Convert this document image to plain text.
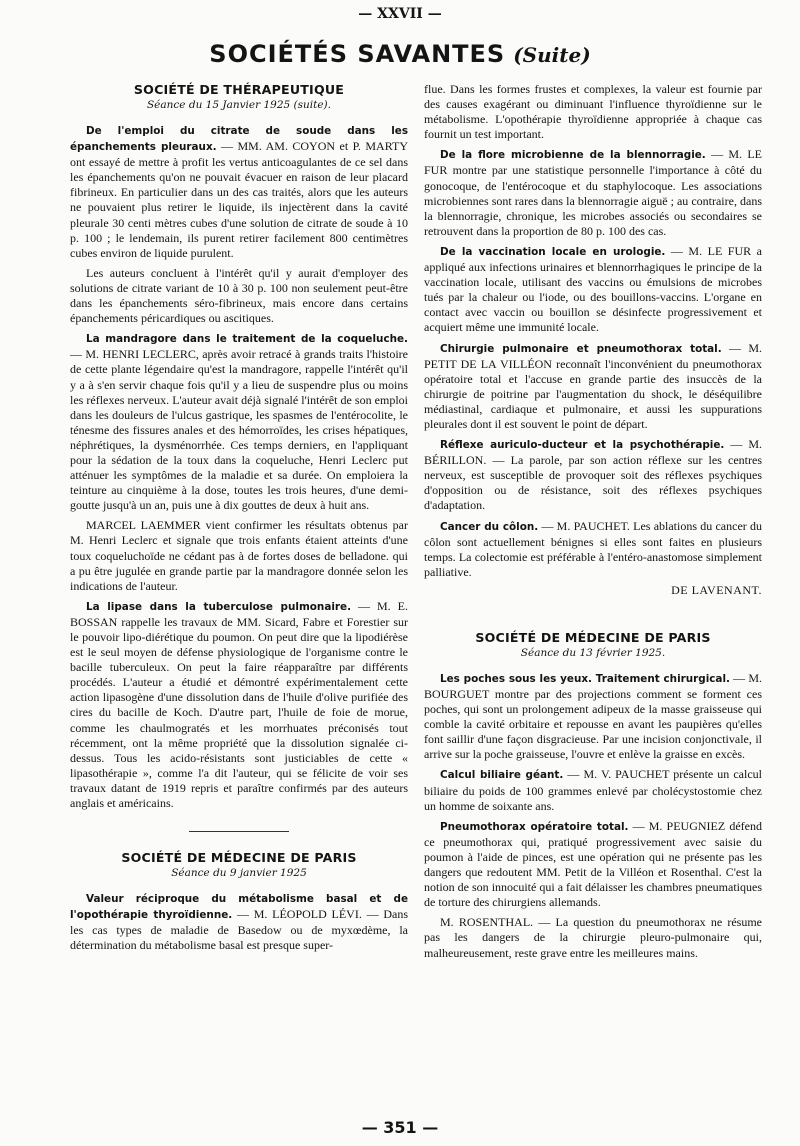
— XXVII —
SOCIÉTÉS SAVANTES (Suite)
SOCIÉTÉ DE THÉRAPEUTIQUE
Séance du 15 Janvier 1925 (suite).

De l'emploi du citrate de soude dans les épanchements pleuraux. — MM. AM. COYON et P. MARTY ont essayé de mettre à profit les vertus anticoagulantes de ce sel dans les épanchements qu'on ne pouvait évacuer en raison de leur placard fibrineux. En particulier dans un des cas traités, alors que les auteurs ne pouvaient plus retirer le liquide, ils injectèrent dans la cavité pleurale 30 centi mètres cubes d'une solution de citrate de soude à 10 p. 100 ; le lendemain, ils purent retirer facilement 800 centimètres cubes environ de liquide purulent.

Les auteurs concluent à l'intérêt qu'il y aurait d'employer des solutions de citrate variant de 10 à 30 p. 100 non seulement peut-être dans les épanchements séro-fibrineux, mais encore dans certains épanchements péricardiques ou ascitiques.

La mandragore dans le traitement de la coqueluche. — M. HENRI LECLERC, après avoir retracé à grands traits l'histoire de cette plante légendaire qu'est la mandragore, rappelle l'intérêt qu'il y a à s'en servir chaque fois qu'il y a lieu de suspendre plus ou moins les réflexes nerveux. L'auteur avait déjà signalé l'intérêt de son emploi dans les douleurs de l'ulcus gastrique, les spasmes de l'entérocolite, le ténesme des fissures anales et des hémorroïdes, les crises hépatiques, néphrétiques, la dysménorrhée. Ces temps derniers, en l'appliquant pour la sédation de la toux dans la coqueluche, Henri Leclerc put atténuer les symptômes de la maladie et sa durée. On emploiera la teinture au cinquième à la dose, toutes les trois heures, d'une demi-goutte jusqu'à un an, puis une à dix gouttes de deux à huit ans.

MARCEL LAEMMER vient confirmer les résultats obtenus par M. Henri Leclerc et signale que trois enfants étaient atteints d'une toux coqueluchoïde ne cédant pas à de fortes doses de belladone. qui a pu être jugulée en grande partie par la mandragore donnée selon les indications de l'auteur.

La lipase dans la tuberculose pulmonaire. — M. E. BOSSAN rappelle les travaux de MM. Sicard, Fabre et Forestier sur le pouvoir lipo-diérétique du poumon. On peut dire que la lipodiérèse est le seul moyen de défense physiologique de l'organisme contre le bacille tuberculeux. On peut la faire réapparaître par différents procédés. L'auteur a étudié et démontré expérimentalement cette action lipasogène d'une dissolution dans de l'huile d'olive purifiée des cires du bacille de Koch. D'autre part, l'huile de foie de morue, comme les chaulmogratés et les morrhuates préconisés tout récemment, ont la même propriété que la dissolution signalée ci-dessus. Tous les acido-résistants sont justiciables de cette « lipasothérapie », comme l'a dit l'auteur, qui se félicite de voir ses travaux datant de 1919 repris et paraître confirmés par des auteurs anglais et américains.

SOCIÉTÉ DE MÉDECINE DE PARIS
Séance du 9 janvier 1925

Valeur réciproque du métabolisme basal et de l'opothérapie thyroïdienne. — M. LÉOPOLD LÉVI. — Dans les cas types de maladie de Basedow ou de myxœdème, la détermination du métabolisme basal est presque super-

flue. Dans les formes frustes et complexes, la valeur est fournie par des causes exagérant ou diminuant l'influence thyroïdienne sur le métabolisme. L'opothérapie thyroïdienne appropriée à chaque cas fournit un test important.

De la flore microbienne de la blennorragie. — M. LE FUR montre par une statistique personnelle l'importance à côté du gonocoque, de l'entérocoque et du staphylocoque. Les associations microbiennes sont rares dans la blennorragie aiguë ; au contraire, dans la blennorragie, chronique, les microbes associés ou secondaires se retrouvent dans la proportion de 80 p. 100 des cas.

De la vaccination locale en urologie. — M. LE FUR a appliqué aux infections urinaires et blennorrhagiques le principe de la vaccination locale, utilisant des vaccins ou émulsions de microbes tués par la chaleur ou l'iode, ou des bouillons-vaccins. L'organe en contact avec vaccin ou bouillon se désinfecte progressivement et acquiert même une immunité locale.

Chirurgie pulmonaire et pneumothorax total. — M. PETIT DE LA VILLÉON reconnaît l'inconvénient du pneumothorax opératoire total et l'accuse en grande partie des insuccès de la chirurgie de poitrine par l'augmentation du shock, le déséquilibre médiastinal, cardiaque et pulmonaire, et aussi les suppurations pleurales dont il est souvent le point de départ.

Réflexe auriculo-ducteur et la psychothérapie. — M. BÉRILLON. — La parole, par son action réflexe sur les centres nerveux, est susceptible de provoquer soit des réflexes psychiques d'opposition ou de résistance, soit des réflexes psychiques d'adaptation.

Cancer du côlon. — M. PAUCHET. Les ablations du cancer du côlon sont actuellement bénignes si elles sont faites en plusieurs temps. La colectomie est préférable à l'entéro-anastomose simplement palliative.

DE LAVENANT.
SOCIÉTÉ DE MÉDECINE DE PARIS
Séance du 13 février 1925.

Les poches sous les yeux. Traitement chirurgical. — M. BOURGUET montre par des projections comment se forment ces poches, qui sont un prolongement adipeux de la masse graisseuse qui comble la cavité orbitaire et repousse en avant les paupières qu'elles font saillir d'une façon disgracieuse. Par une incision conjonctivale, il arrive sur la poche graisseuse, l'ouvre et enlève la graisse en excès.

Calcul biliaire géant. — M. V. PAUCHET présente un calcul biliaire du poids de 100 grammes enlevé par cholécystostomie chez un homme de soixante ans.

Pneumothorax opératoire total. — M. PEUGNIEZ défend ce pneumothorax qui, pratiqué progressivement avec saisie du poumon à l'aide de pinces, est une opération qui ne présente pas les dangers que redoutent MM. Petit de la Villéon et Rosenthal. C'est la notion de son innocuité qui a fait délaisser les chambres pneumatiques de torture des chirurgiens allemands.

M. ROSENTHAL. — La question du pneumothorax ne résume pas les dangers de la chirurgie pleuro-pulmonaire qui, malheureusement, reste grave entre les meilleures mains.

— 351 —
